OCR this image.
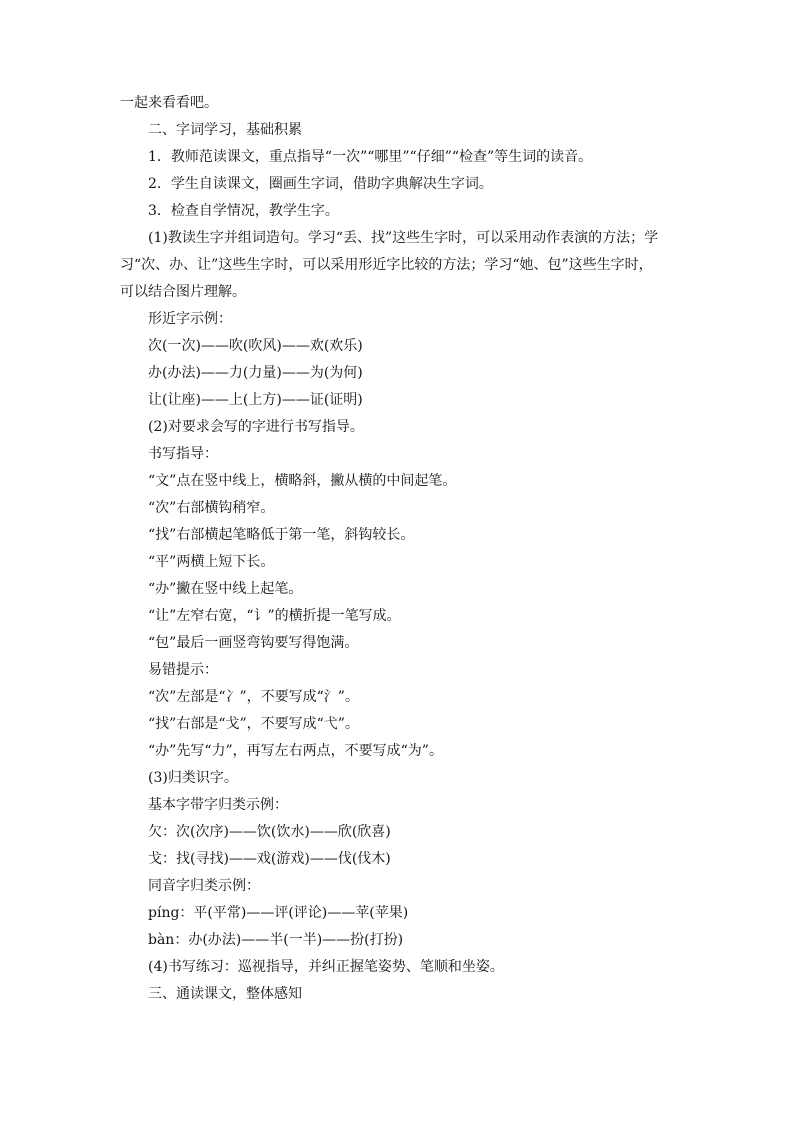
一起来看看吧。
二、字词学习，基础积累
1．教师范读课文，重点指导“一次”“哪里”“仔细”“检查”等生词的读音。
2．学生自读课文，圈画生字词，借助字典解决生字词。
3．检查自学情况，教学生字。
(1)教读生字并组词造句。学习“丢、找”这些生字时，可以采用动作表演的方法；学
习“次、办、让”这些生字时，可以采用形近字比较的方法；学习“她、包”这些生字时，
可以结合图片理解。
形近字示例：
次(一次)——吹(吹风)——欢(欢乐)
办(办法)——力(力量)——为(为何)
让(让座)——上(上方)——证(证明)
(2)对要求会写的字进行书写指导。
书写指导：
“文”点在竖中线上，横略斜，撇从横的中间起笔。
“次”右部横钩稍窄。
“找”右部横起笔略低于第一笔，斜钩较长。
“平”两横上短下长。
“办”撇在竖中线上起笔。
“让”左窄右宽，“讠”的横折提一笔写成。
“包”最后一画竖弯钩要写得饱满。
易错提示：
“次”左部是“冫”，不要写成“氵”。
“找”右部是“戈”，不要写成“弋”。
“办”先写“力”，再写左右两点，不要写成“为”。
(3)归类识字。
基本字带字归类示例：
欠：次(次序)——饮(饮水)——欣(欣喜)
戈：找(寻找)——戏(游戏)——伐(伐木)
同音字归类示例：
píng：平(平常)——评(评论)——苹(苹果)
bàn：办(办法)——半(一半)——扮(打扮)
(4)书写练习：巡视指导，并纠正握笔姿势、笔顺和坐姿。
三、通读课文，整体感知
